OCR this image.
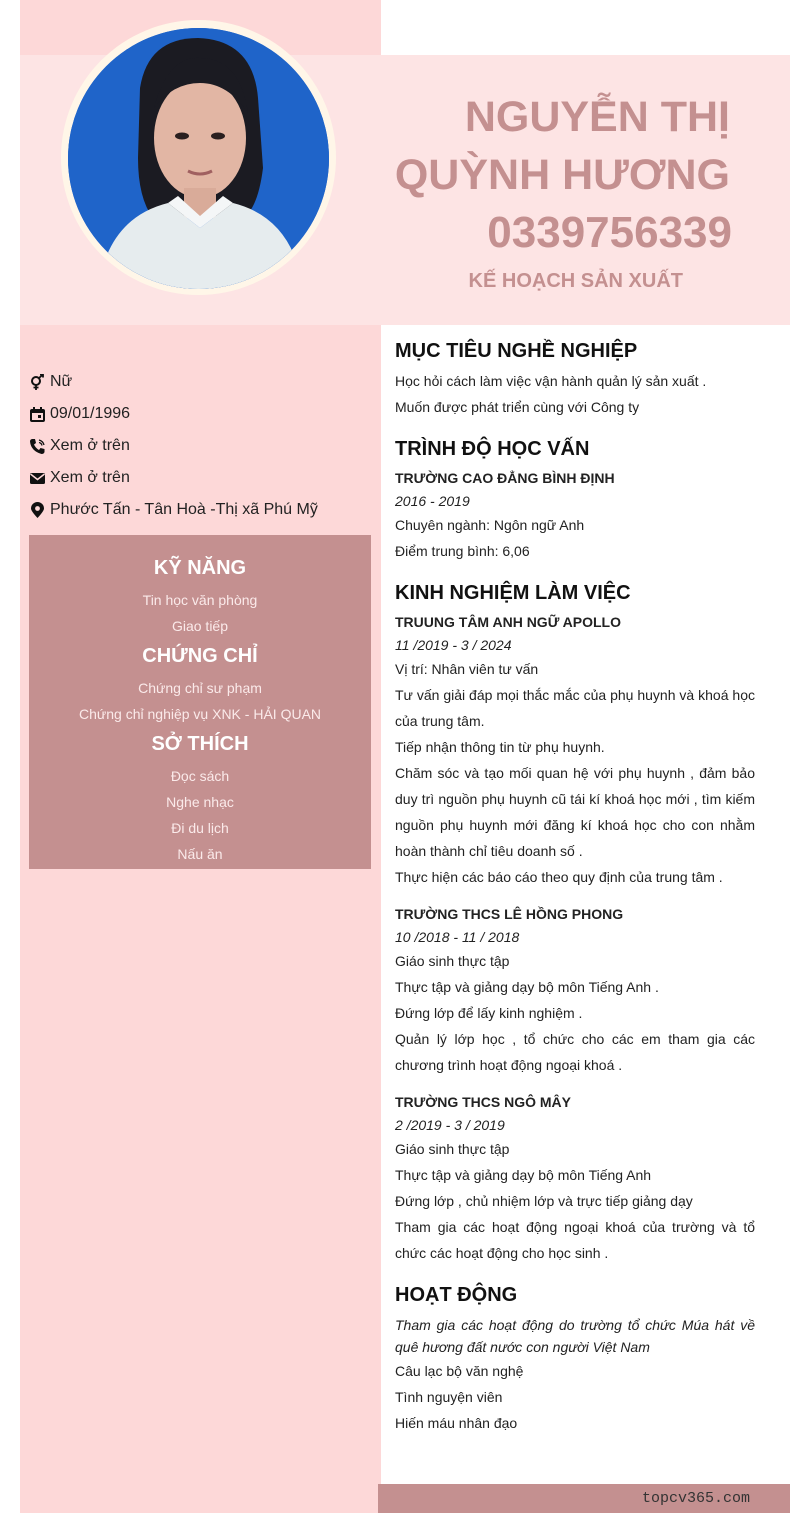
NGUYỄN THỊ
QUỲNH HƯƠNG
0339756339
KẾ HOẠCH SẢN XUẤT
Nữ
09/01/1996
Xem ở trên
Xem ở trên
Phước Tấn - Tân Hoà -Thị xã Phú Mỹ
KỸ NĂNG
Tin học văn phòng
Giao tiếp
CHỨNG CHỈ
Chứng chỉ sư phạm
Chứng chỉ nghiệp vụ XNK - HẢI QUAN
SỞ THÍCH
Đọc sách
Nghe nhạc
Đi du lịch
Nấu ăn
MỤC TIÊU NGHỀ NGHIỆP
Học hỏi cách làm việc vận hành quản lý sản xuất .
Muốn được phát triển cùng với Công ty
TRÌNH ĐỘ HỌC VẤN
TRƯỜNG CAO ĐẲNG BÌNH ĐỊNH
2016 - 2019
Chuyên ngành: Ngôn ngữ Anh
Điểm trung bình: 6,06
KINH NGHIỆM LÀM VIỆC
TRUUNG TÂM ANH NGỮ APOLLO
11 /2019 - 3 / 2024
Vị trí: Nhân viên tư vấn
Tư vấn giải đáp mọi thắc mắc của phụ huynh và khoá học của trung tâm.
Tiếp nhận thông tin từ phụ huynh.
Chăm sóc và tạo mối quan hệ với phụ huynh , đảm bảo duy trì nguồn phụ huynh cũ tái kí khoá học mới , tìm kiếm nguồn phụ huynh mới đăng kí khoá học cho con nhằm hoàn thành chỉ tiêu doanh số .
Thực hiện các báo cáo theo quy định của trung tâm .
TRƯỜNG THCS LÊ HỒNG PHONG
10 /2018 - 11 / 2018
Giáo sinh thực tập
Thực tập và giảng dạy bộ môn Tiếng Anh .
Đứng lớp để lấy kinh nghiệm .
Quản lý lớp học , tổ chức cho các em tham gia các chương trình hoạt động ngoại khoá .
TRƯỜNG THCS NGÔ MÂY
2 /2019 - 3 / 2019
Giáo sinh thực tập
Thực tập và giảng dạy bộ môn Tiếng Anh
Đứng lớp , chủ nhiệm lớp và trực tiếp giảng dạy
Tham gia các hoạt động ngoại khoá của trường và tổ chức các hoạt động cho học sinh .
HOẠT ĐỘNG
Tham gia các hoạt động do trường tổ chức Múa hát về quê hương đất nước con người Việt Nam
Câu lạc bộ văn nghệ
Tình nguyện viên
Hiến máu nhân đạo
topcv365.com
